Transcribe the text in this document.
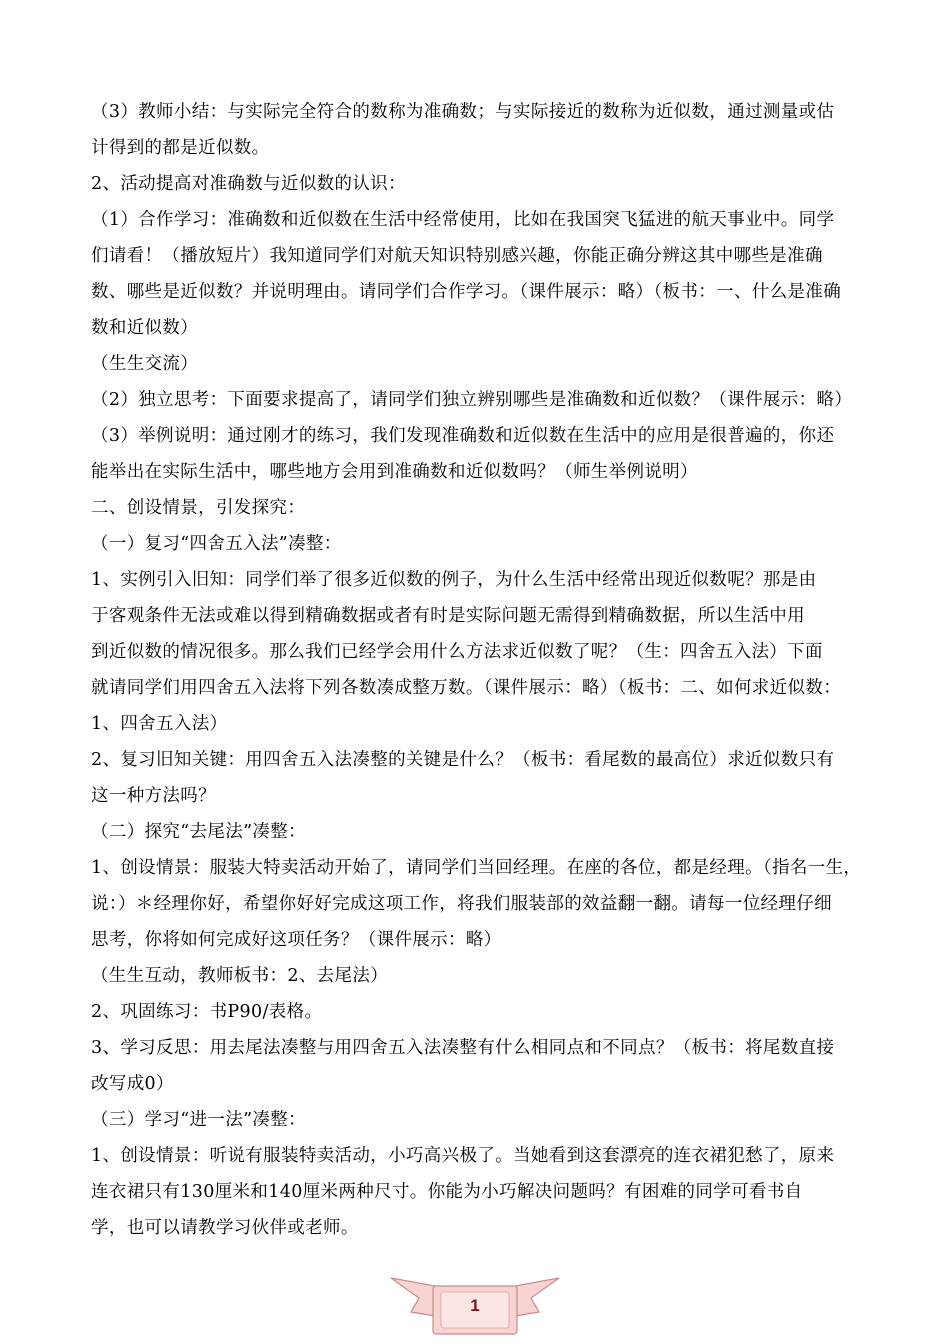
（3）教师小结：与实际完全符合的数称为准确数；与实际接近的数称为近似数，通过测量或估
计得到的都是近似数。
2、活动提高对准确数与近似数的认识：
（1）合作学习：准确数和近似数在生活中经常使用，比如在我国突飞猛进的航天事业中。同学
们请看！（播放短片）我知道同学们对航天知识特别感兴趣，你能正确分辨这其中哪些是准确
数、哪些是近似数？并说明理由。请同学们合作学习。（课件展示：略）（板书：一、什么是准确
数和近似数）
（生生交流）
（2）独立思考：下面要求提高了，请同学们独立辨别哪些是准确数和近似数？（课件展示：略）
（3）举例说明：通过刚才的练习，我们发现准确数和近似数在生活中的应用是很普遍的，你还
能举出在实际生活中，哪些地方会用到准确数和近似数吗？（师生举例说明）
二、创设情景，引发探究：
（一）复习“四舍五入法”凑整：
1、实例引入旧知：同学们举了很多近似数的例子，为什么生活中经常出现近似数呢？那是由
于客观条件无法或难以得到精确数据或者有时是实际问题无需得到精确数据，所以生活中用
到近似数的情况很多。那么我们已经学会用什么方法求近似数了呢？（生：四舍五入法）下面
就请同学们用四舍五入法将下列各数凑成整万数。（课件展示：略）（板书：二、如何求近似数：
1、四舍五入法）
2、复习旧知关键：用四舍五入法凑整的关键是什么？（板书：看尾数的最高位）求近似数只有
这一种方法吗？
（二）探究“去尾法”凑整：
1、创设情景：服装大特卖活动开始了，请同学们当回经理。在座的各位，都是经理。（指名一生，
说：）＊经理你好，希望你好好完成这项工作，将我们服装部的效益翻一翻。请每一位经理仔细
思考，你将如何完成好这项任务？（课件展示：略）
（生生互动，教师板书：2、去尾法）
2、巩固练习：书P90/表格。
3、学习反思：用去尾法凑整与用四舍五入法凑整有什么相同点和不同点？（板书：将尾数直接
改写成0）
（三）学习“进一法”凑整：
1、创设情景：听说有服装特卖活动，小巧高兴极了。当她看到这套漂亮的连衣裙犯愁了，原来
连衣裙只有130厘米和140厘米两种尺寸。你能为小巧解决问题吗？有困难的同学可看书自
学，也可以请教学习伙伴或老师。
1
